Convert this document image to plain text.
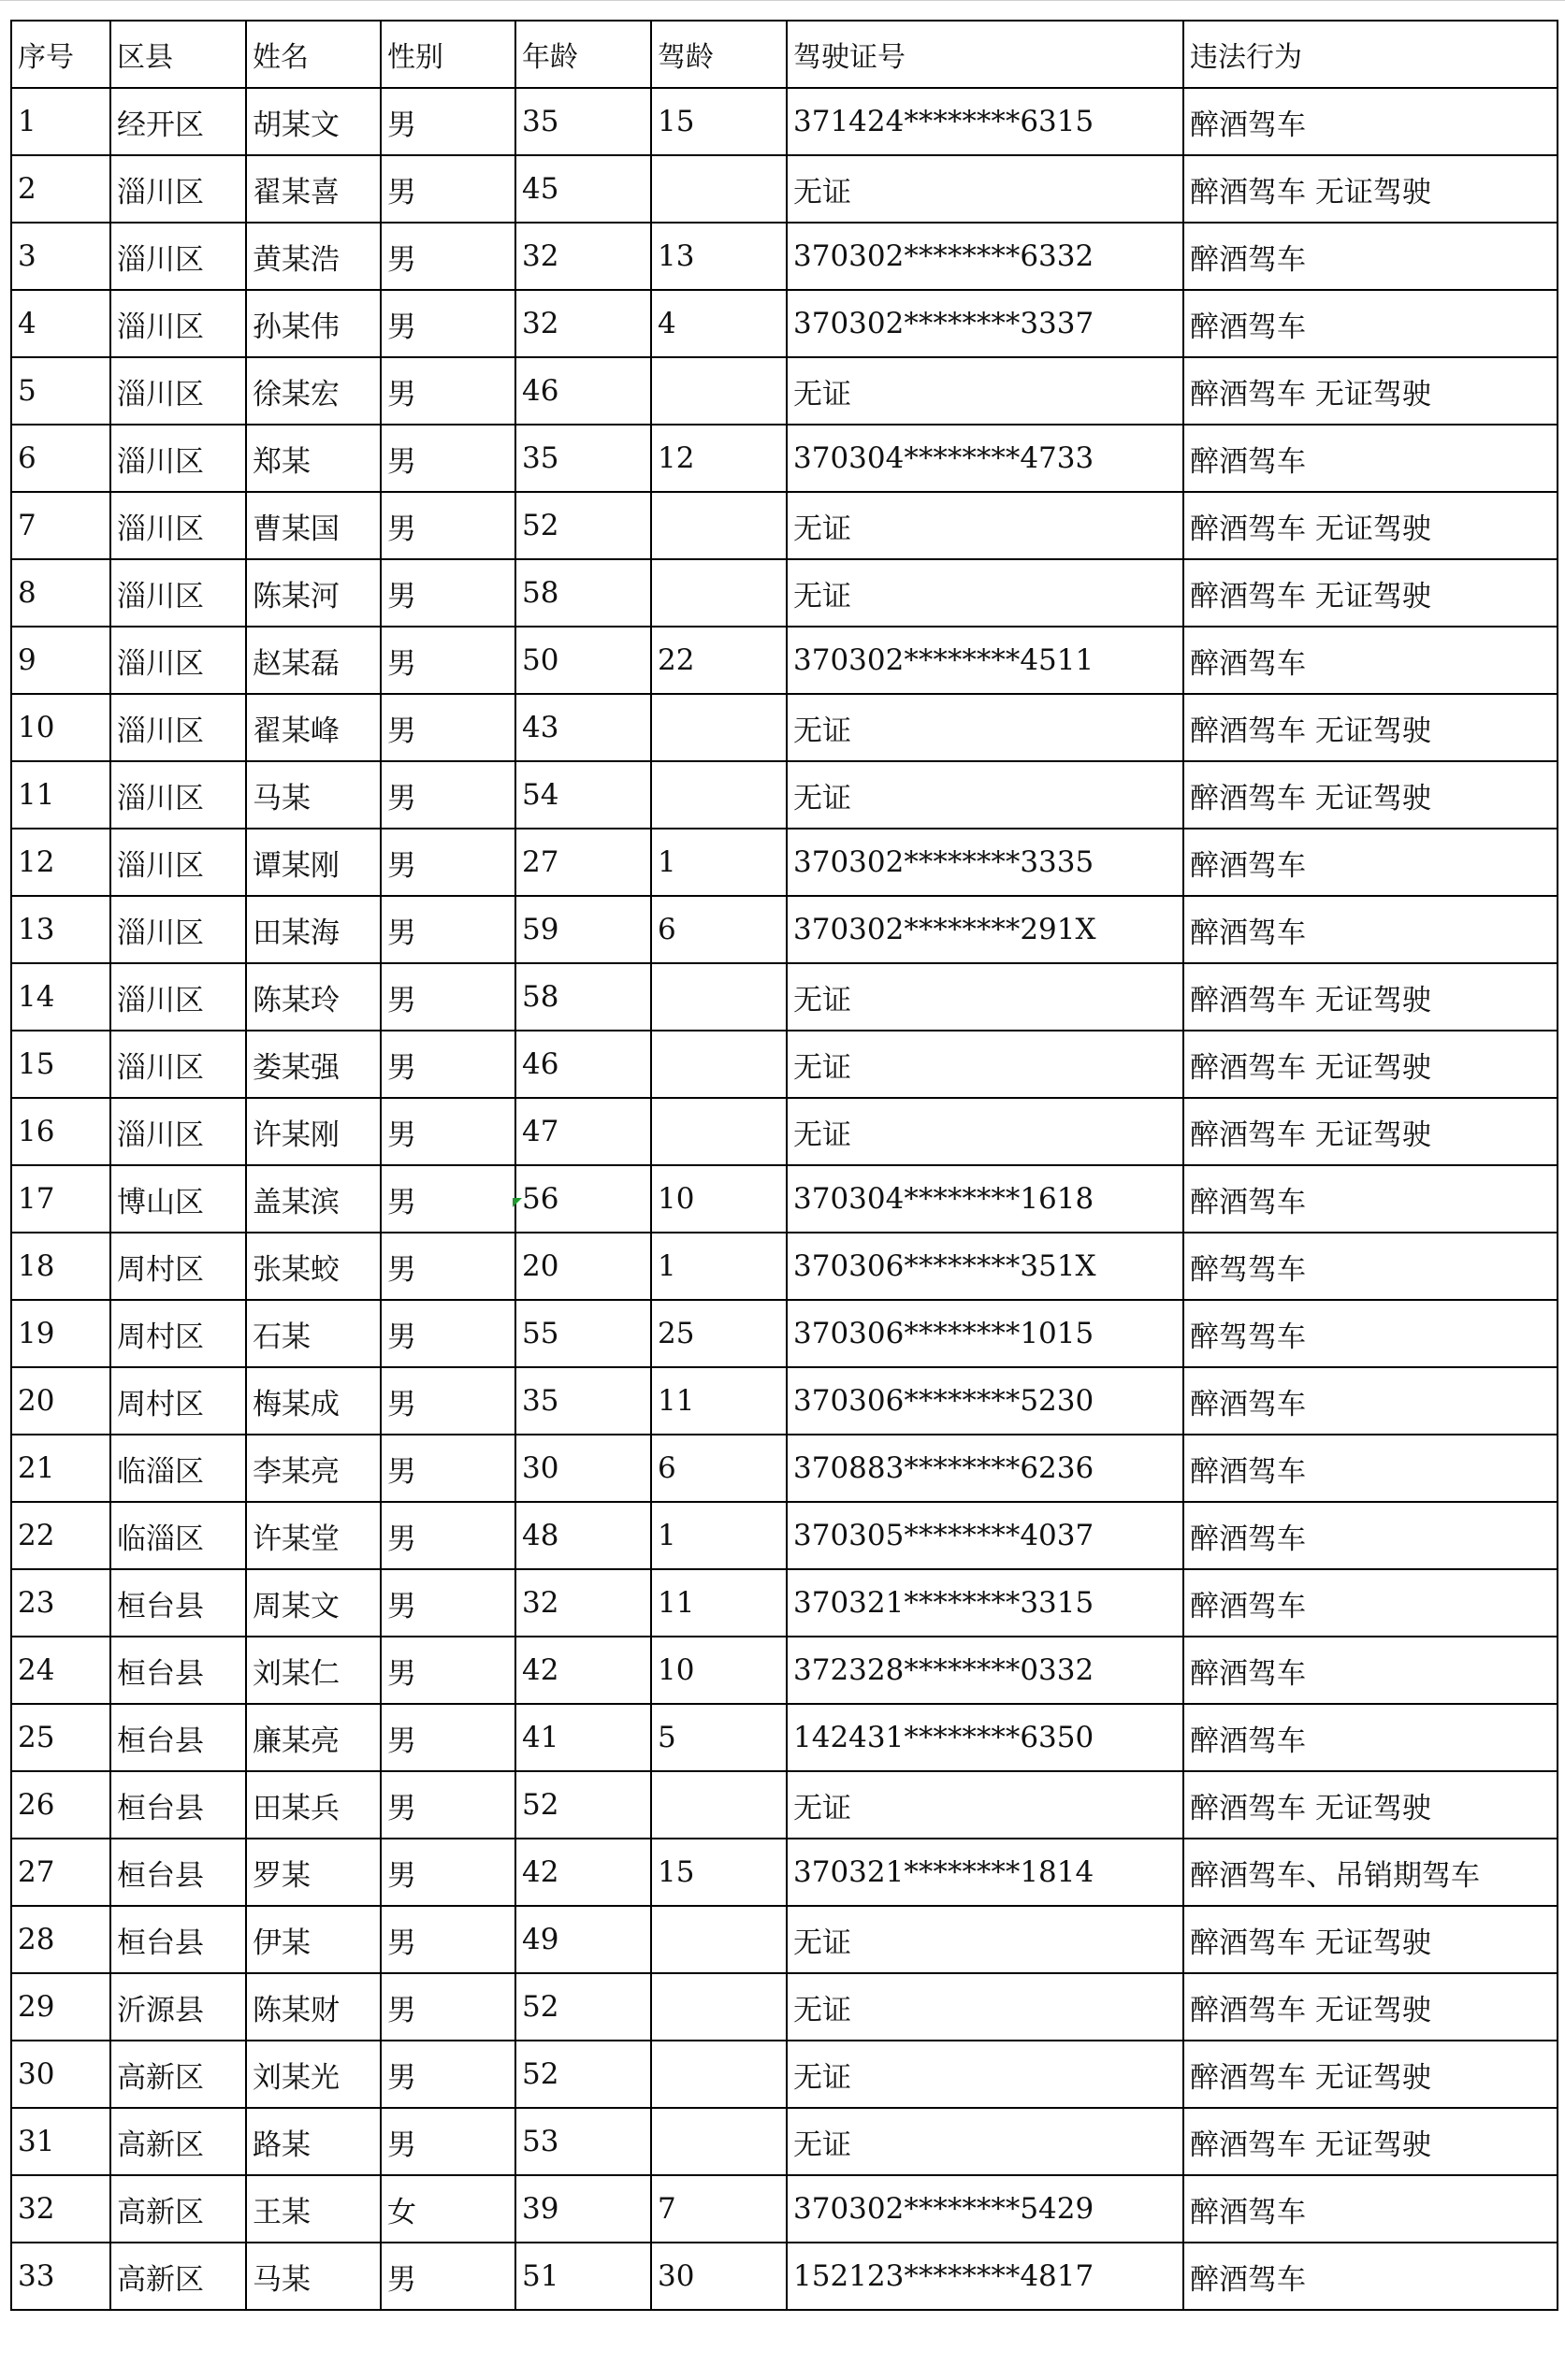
序号	区县	姓名	性别	年龄	驾龄	驾驶证号	违法行为
1	经开区	胡某文	男	35	15	371424********6315	醉酒驾车
2	淄川区	翟某喜	男	45		无证	醉酒驾车 无证驾驶
3	淄川区	黄某浩	男	32	13	370302********6332	醉酒驾车
4	淄川区	孙某伟	男	32	4	370302********3337	醉酒驾车
5	淄川区	徐某宏	男	46		无证	醉酒驾车 无证驾驶
6	淄川区	郑某	男	35	12	370304********4733	醉酒驾车
7	淄川区	曹某国	男	52		无证	醉酒驾车 无证驾驶
8	淄川区	陈某河	男	58		无证	醉酒驾车 无证驾驶
9	淄川区	赵某磊	男	50	22	370302********4511	醉酒驾车
10	淄川区	翟某峰	男	43		无证	醉酒驾车 无证驾驶
11	淄川区	马某	男	54		无证	醉酒驾车 无证驾驶
12	淄川区	谭某刚	男	27	1	370302********3335	醉酒驾车
13	淄川区	田某海	男	59	6	370302********291X	醉酒驾车
14	淄川区	陈某玲	男	58		无证	醉酒驾车 无证驾驶
15	淄川区	娄某强	男	46		无证	醉酒驾车 无证驾驶
16	淄川区	许某刚	男	47		无证	醉酒驾车 无证驾驶
17	博山区	盖某滨	男	56	10	370304********1618	醉酒驾车
18	周村区	张某蛟	男	20	1	370306********351X	醉驾驾车
19	周村区	石某	男	55	25	370306********1015	醉驾驾车
20	周村区	梅某成	男	35	11	370306********5230	醉酒驾车
21	临淄区	李某亮	男	30	6	370883********6236	醉酒驾车
22	临淄区	许某堂	男	48	1	370305********4037	醉酒驾车
23	桓台县	周某文	男	32	11	370321********3315	醉酒驾车
24	桓台县	刘某仁	男	42	10	372328********0332	醉酒驾车
25	桓台县	廉某亮	男	41	5	142431********6350	醉酒驾车
26	桓台县	田某兵	男	52		无证	醉酒驾车 无证驾驶
27	桓台县	罗某	男	42	15	370321********1814	醉酒驾车、吊销期驾车
28	桓台县	伊某	男	49		无证	醉酒驾车 无证驾驶
29	沂源县	陈某财	男	52		无证	醉酒驾车 无证驾驶
30	高新区	刘某光	男	52		无证	醉酒驾车 无证驾驶
31	高新区	路某	男	53		无证	醉酒驾车 无证驾驶
32	高新区	王某	女	39	7	370302********5429	醉酒驾车
33	高新区	马某	男	51	30	152123********4817	醉酒驾车
